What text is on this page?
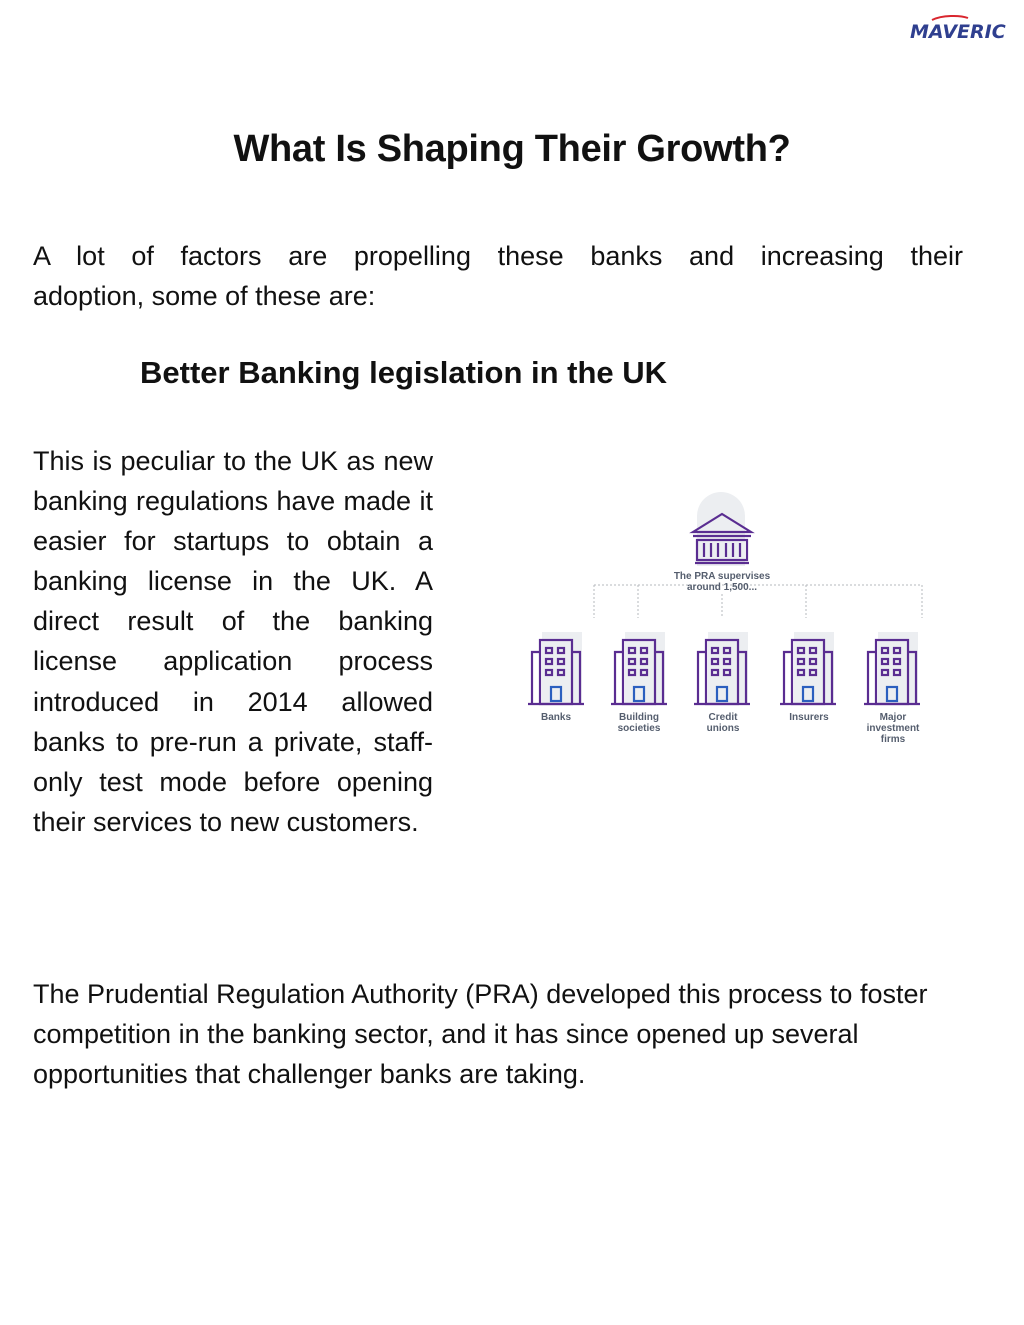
MAVERIC
What Is Shaping Their Growth?

A lot of factors are propelling these banks and increasing their
adoption, some of these are:

Better Banking legislation in the UK

This is peculiar to the UK as new banking regulations have made it easier for startups to obtain a banking license in the UK. A direct result of the banking license application process introduced in 2014 allowed banks to pre-run a private, staff-only test mode before opening their services to new customers.

The PRA supervises
around 1,500...
Banks	Building
societies
Credit
unions
Insurers	Major
investment
firms

The Prudential Regulation Authority (PRA) developed this process to foster competition in the banking sector, and it has since opened up several opportunities that challenger banks are taking.
